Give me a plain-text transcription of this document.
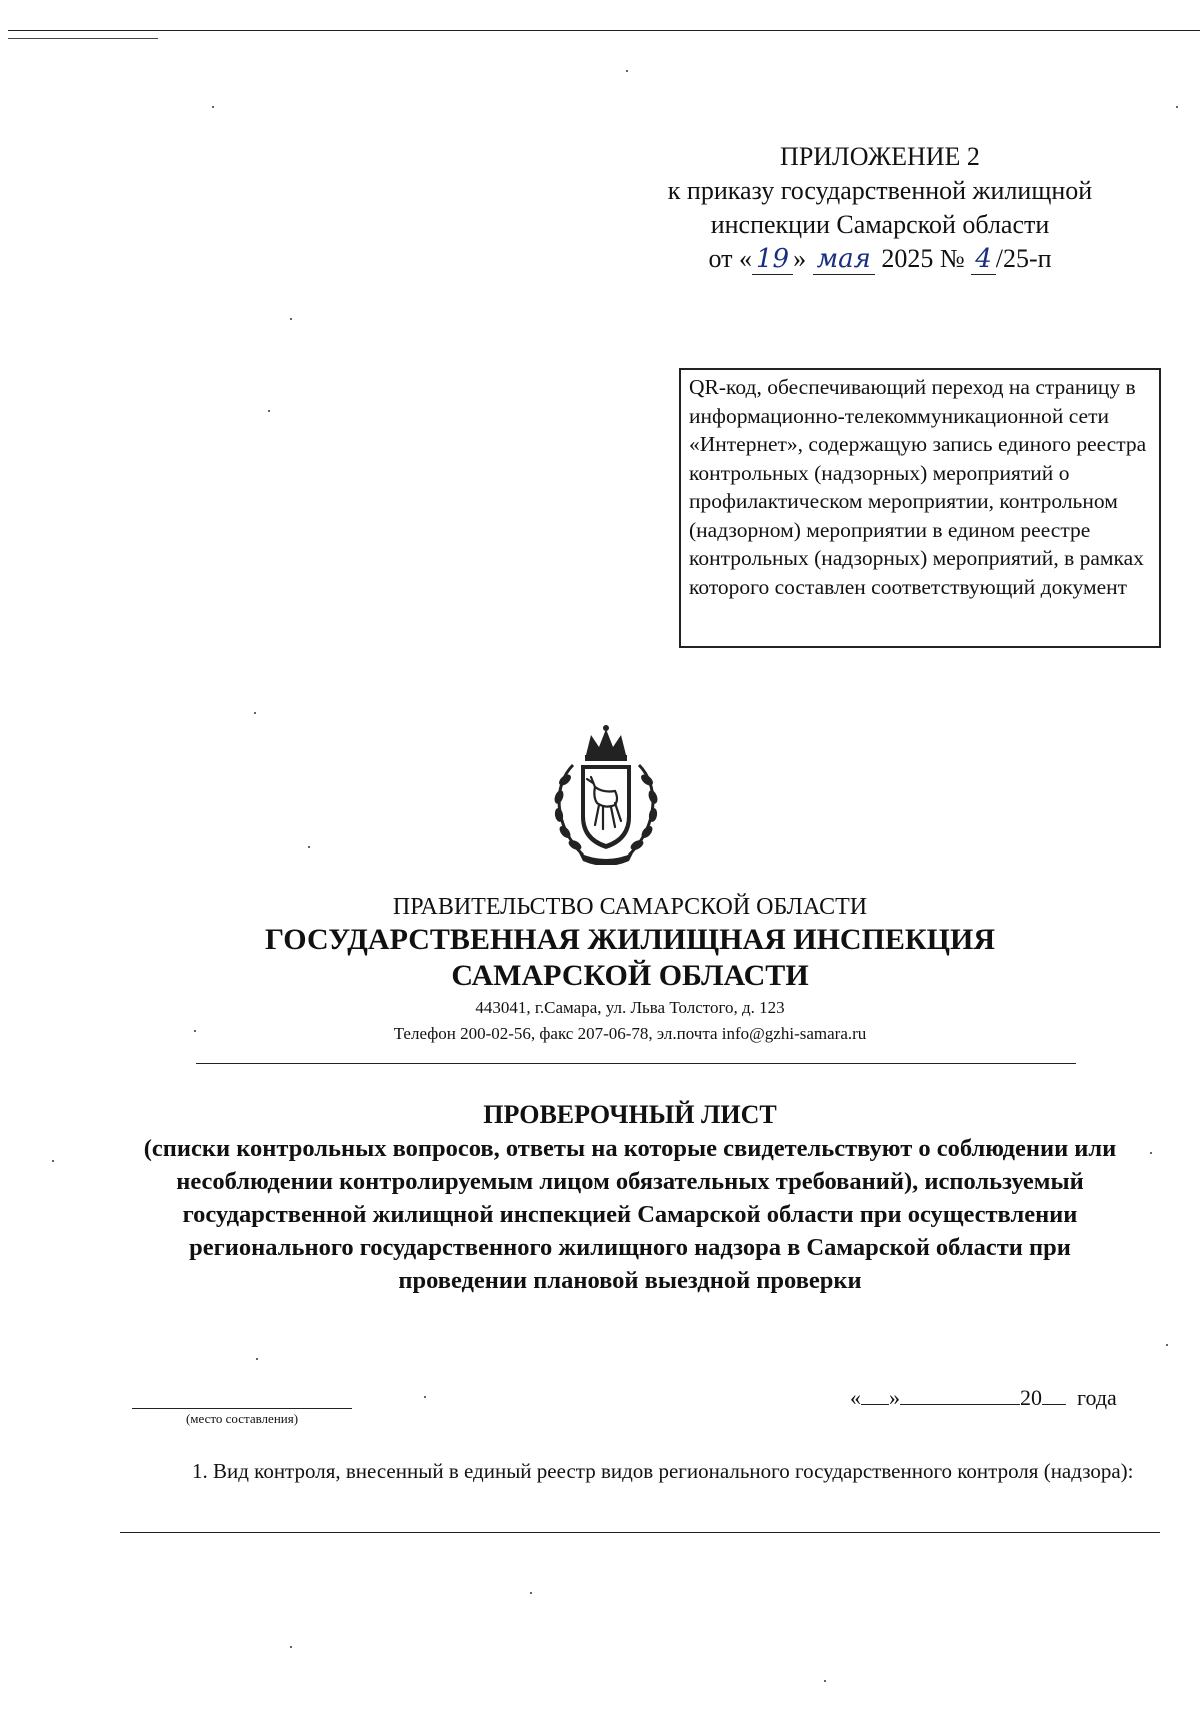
ПРИЛОЖЕНИЕ 2
к приказу государственной жилищной
инспекции Самарской области
от « 19 » мая 2025 № 4 /25-п
QR-код, обеспечивающий переход на страницу в информационно-телекоммуникационной сети «Интернет», содержащую запись единого реестра контрольных (надзорных) мероприятий о профилактическом мероприятии, контрольном (надзорном) мероприятии в едином реестре контрольных (надзорных) мероприятий, в рамках которого составлен соответствующий документ
ПРАВИТЕЛЬСТВО САМАРСКОЙ ОБЛАСТИ
ГОСУДАРСТВЕННАЯ ЖИЛИЩНАЯ ИНСПЕКЦИЯ
САМАРСКОЙ ОБЛАСТИ
443041, г.Самара, ул. Льва Толстого, д. 123
Телефон 200-02-56, факс 207-06-78, эл.почта info@gzhi-samara.ru
ПРОВЕРОЧНЫЙ ЛИСТ
(списки контрольных вопросов, ответы на которые свидетельствуют о соблюдении или несоблюдении контролируемым лицом обязательных требований), используемый государственной жилищной инспекцией Самарской области при осуществлении регионального государственного жилищного надзора в Самарской области при проведении плановой выездной проверки
« »	20 года
(место составления)
1. Вид контроля, внесенный в единый реестр видов регионального государственного контроля (надзора):
